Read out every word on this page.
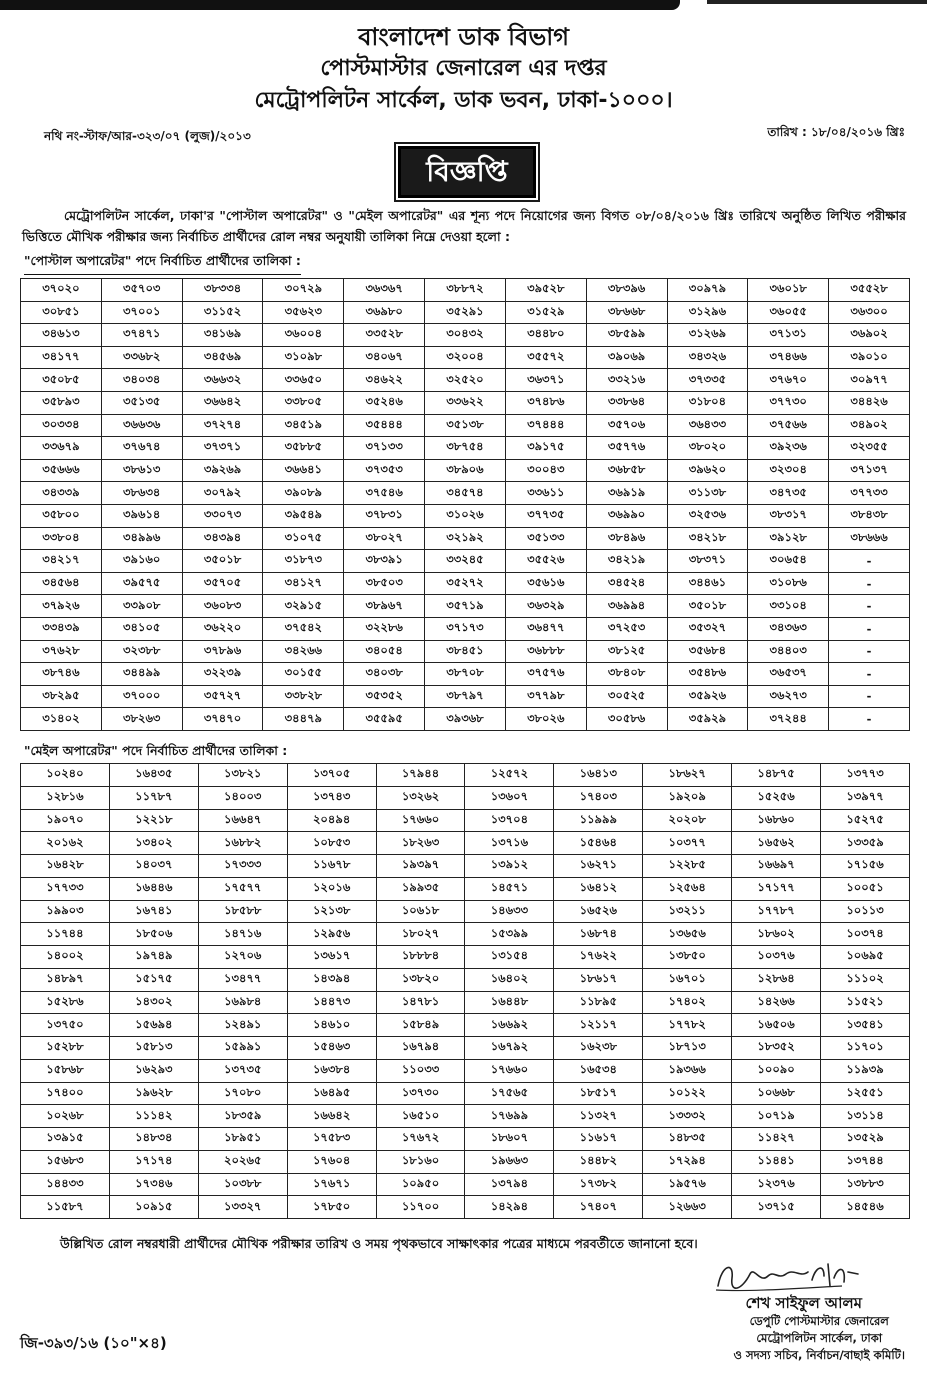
বাংলাদেশ ডাক বিভাগ
পোস্টমাস্টার জেনারেল এর দপ্তর
মেট্রোপলিটন সার্কেল, ডাক ভবন, ঢাকা-১০০০।
নথি নং-স্টাফ/আর-৩২৩/০৭ (লুজ)/২০১৩	তারিখ : ১৮/০৪/২০১৬ খ্রিঃ
বিজ্ঞপ্তি
মেট্রোপলিটন সার্কেল, ঢাকা'র "পোস্টাল অপারেটর" ও "মেইল অপারেটর" এর শূন্য পদে নিয়োগের জন্য বিগত ০৮/০৪/২০১৬ খ্রিঃ তারিখে অনুষ্ঠিত লিখিত পরীক্ষার ভিত্তিতে মৌখিক পরীক্ষার জন্য নির্বাচিত প্রার্থীদের রোল নম্বর অনুযায়ী তালিকা নিম্নে দেওয়া হলো :
"পোস্টাল অপারেটর" পদে নির্বাচিত প্রার্থীদের তালিকা :
৩৭০২০	৩৫৭০৩	৩৮৩৩৪	৩০৭২৯	৩৬৩৬৭	৩৮৮৭২	৩৯৫২৮	৩৮৩৯৬	৩০৯৭৯	৩৬০১৮	৩৫৫২৮
৩০৮৫১	৩৭০০১	৩১১৫২	৩৫৬২৩	৩৬৯৮০	৩৫২৯১	৩১৫২৯	৩৮৬৬৮	৩১২৯৬	৩৬০৫৫	৩৬৩০০
৩৪৬১৩	৩৭৪৭১	৩৪১৬৯	৩৬০০৪	৩৩৫২৮	৩০৪৩২	৩৪৪৮০	৩৮৫৯৯	৩১২৬৯	৩৭১৩১	৩৬৯০২
৩৪১৭৭	৩৩৬৮২	৩৪৫৬৯	৩১০৯৮	৩৪০৬৭	৩২০০৪	৩৫৫৭২	৩৯০৬৯	৩৪৩২৬	৩৭৪৬৬	৩৯০১০
৩৫০৮৫	৩৪০৩৪	৩৬৬৩২	৩৩৬৫০	৩৪৬২২	৩২৫২০	৩৬৩৭১	৩৩২১৬	৩৭৩৩৫	৩৭৬৭০	৩০৯৭৭
৩৫৮৯৩	৩৫১৩৫	৩৬৬৪২	৩৩৮০৫	৩৫২৪৬	৩৩৬২২	৩৭৪৮৬	৩৩৮৬৪	৩১৮০৪	৩৭৭৩০	৩৪৪২৬
৩০৩৩৪	৩৬৬৩৬	৩৭২৭৪	৩৪৫১৯	৩৫৪৪৪	৩৫১৩৮	৩৭৪৪৪	৩৫৭০৬	৩৬৪৩৩	৩৭৫৬৬	৩৪৯০২
৩৩৬৭৯	৩৭৬৭৪	৩৭৩৭১	৩৫৮৮৫	৩৭১৩৩	৩৮৭৫৪	৩৯১৭৫	৩৫৭৭৬	৩৮০২০	৩৯২৩৬	৩২৩৫৫
৩৫৬৬৬	৩৮৬১৩	৩৯২৬৯	৩৬৬৪১	৩৭৩৫৩	৩৮৯০৬	৩০০৪৩	৩৬৮৫৮	৩৯৬২০	৩২৩০৪	৩৭১৩৭
৩৪৩৩৯	৩৮৬৩৪	৩০৭৯২	৩৯০৮৯	৩৭৫৪৬	৩৪৫৭৪	৩৩৬১১	৩৬৯১৯	৩১১৩৮	৩৪৭৩৫	৩৭৭৩৩
৩৫৮০০	৩৯৬১৪	৩৩০৭৩	৩৯৫৪৯	৩৭৮৩১	৩১০২৬	৩৭৭৩৫	৩৬৯৯০	৩২৫৩৬	৩৮৩১৭	৩৮৪৩৮
৩৩৮০৪	৩৪৯৯৬	৩৪৩৯৪	৩১০৭৫	৩৮০২৭	৩২১৯২	৩৫১৩৩	৩৮৪৯৬	৩৪২১৮	৩৯১২৮	৩৮৬৬৬
৩৪২১৭	৩৯১৬০	৩৫০১৮	৩১৮৭৩	৩৮৩৯১	৩৩২৪৫	৩৫৫২৬	৩৪২১৯	৩৮৩৭১	৩০৬৫৪	-
৩৪৫৬৪	৩৯৫৭৫	৩৫৭০৫	৩৪১২৭	৩৮৫০৩	৩৫২৭২	৩৫৬১৬	৩৪৫২৪	৩৪৪৬১	৩১০৮৬	-
৩৭৯২৬	৩৩৯০৮	৩৬০৮৩	৩২৯১৫	৩৮৯৬৭	৩৫৭১৯	৩৬৩২৯	৩৬৯৯৪	৩৫০১৮	৩৩১০৪	-
৩৩৪৩৯	৩৪১০৫	৩৬২২০	৩৭৫৪২	৩২২৮৬	৩৭১৭৩	৩৬৪৭৭	৩৭২৫৩	৩৫৩২৭	৩৪৩৬৩	-
৩৭৬২৮	৩২৩৮৮	৩৭৮৯৬	৩৪২৬৬	৩৪০৫৪	৩৮৪৫১	৩৬৮৮৮	৩৮১২৫	৩৫৬৮৪	৩৪৪০৩	-
৩৮৭৪৬	৩৪৪৯৯	৩২২৩৯	৩০১৫৫	৩৪০৩৮	৩৮৭০৮	৩৭৫৭৬	৩৮৪০৮	৩৫৪৮৬	৩৬৫৩৭	-
৩৮২৯৫	৩৭০০০	৩৫৭২৭	৩৩৮২৮	৩৫৩৫২	৩৮৭৯৭	৩৭৭৯৮	৩০৫২৫	৩৫৯২৬	৩৬২৭৩	-
৩১৪০২	৩৮২৬৩	৩৭৪৭০	৩৪৪৭৯	৩৫৫৯৫	৩৯৩৬৮	৩৮০২৬	৩০৫৮৬	৩৫৯২৯	৩৭২৪৪	-
"মেইল অপারেটর" পদে নির্বাচিত প্রার্থীদের তালিকা :
১০২৪০	১৬৪৩৫	১৩৮২১	১৩৭০৫	১৭৯৪৪	১২৫৭২	১৬৪১৩	১৮৬২৭	১৪৮৭৫	১৩৭৭৩
১২৮১৬	১১৭৮৭	১৪০০৩	১৩৭৪৩	১৩২৬২	১৩৬০৭	১৭৪০৩	১৯২০৯	১৫২৫৬	১৩৯৭৭
১৯০৭০	১২২১৮	১৬৬৪৭	২০৪৯৪	১৭৬৬০	১৩৭০৪	১১৯৯৯	২০২০৮	১৬৮৬০	১৫২৭৫
২০১৬২	১৩৪০২	১৬৮৮২	১০৮৫৩	১৮২৬৩	১৩৭১৬	১৫৪৬৪	১০৩৭৭	১৬৫৬২	১৩৩৫৯
১৬৪২৮	১৪০৩৭	১৭৩৩৩	১১৬৭৮	১৯৩৯৭	১৩৯১২	১৬২৭১	১২২৮৫	১৬৬৯৭	১৭১৫৬
১৭৭৩৩	১৬৪৪৬	১৭৫৭৭	১২০১৬	১৯৯৩৫	১৪৫৭১	১৬৪১২	১২৫৬৪	১৭১৭৭	১০০৫১
১৯৯০৩	১৬৭৪১	১৮৫৮৮	১২১৩৮	১০৬১৮	১৪৬৩৩	১৬৫২৬	১৩২১১	১৭৭৮৭	১০১১৩
১১৭৪৪	১৮৫০৬	১৪৭১৬	১২৯৫৬	১৮০২৭	১৫৩৯৯	১৬৮৭৪	১৩৬৫৬	১৮৬০২	১০৩৭৪
১৪০০২	১৯৭৪৯	১২৭০৬	১৩৬১৭	১৮৮৮৪	১৩১৫৪	১৭৬২২	১৩৮৫০	১০৩৭৬	১০৬৯৫
১৪৮৯৭	১৫১৭৫	১৩৪৭৭	১৪৩৯৪	১৩৮২০	১৬৪০২	১৮৬১৭	১৬৭০১	১২৮৬৪	১১১০২
১৫২৮৬	১৪৩০২	১৬৯৮৪	১৪৪৭৩	১৪৭৮১	১৬৪৪৮	১১৮৯৫	১৭৪০২	১৪২৬৬	১১৫২১
১৩৭৫০	১৫৬৯৪	১২৪৯১	১৪৬১০	১৫৮৪৯	১৬৬৯২	১২১১৭	১৭৭৮২	১৬৫০৬	১৩৫৪১
১৫২৮৮	১৫৮১৩	১৫৯৯১	১৫৪৬৩	১৬৭৯৪	১৬৭৯২	১৬২৩৮	১৮৭১৩	১৮৩৫২	১১৭০১
১৫৮৬৮	১৬২৯৩	১৩৭৩৫	১৬৩৮৪	১১০৩৩	১৭৬৬০	১৬৫৩৪	১৯৩৬৬	১০০৯০	১১৯৩৯
১৭৪০০	১৯৬২৮	১৭০৮০	১৬৪৯৫	১৩৭৩০	১৭৫৬৫	১৮৫১৭	১০১২২	১০৬৬৮	১২৫৫১
১০২৬৮	১১১৪২	১৮৩৫৯	১৬৬৪২	১৬৫১০	১৭৬৯৯	১১৩২৭	১৩৩৩২	১০৭১৯	১৩১১৪
১৩৯১৫	১৪৮৩৪	১৮৯৫১	১৭৫৮৩	১৭৬৭২	১৮৬০৭	১১৬১৭	১৪৮৩৫	১১৪২৭	১৩৫২৯
১৫৬৮৩	১৭১৭৪	২০২৬৫	১৭৬০৪	১৮১৬০	১৯৬৬৩	১৪৪৮২	১৭২৯৪	১১৪৪১	১৩৭৪৪
১৪৪৩৩	১৭৩৪৬	১০৩৮৮	১৭৬৭১	১০৯৫০	১৩৭৯৪	১৭৩৮২	১৯৫৭৬	১২৩৭৬	১৩৮৮৩
১১৫৮৭	১০৯১৫	১৩৩২৭	১৭৮৫০	১১৭০০	১৪২৯৪	১৭৪০৭	১২৬৬৩	১৩৭১৫	১৪৫৪৬
উল্লিখিত রোল নম্বরধারী প্রার্থীদের মৌখিক পরীক্ষার তারিখ ও সময় পৃথকভাবে সাক্ষাৎকার পত্রের মাধ্যমে পরবর্তীতে জানানো হবে।
শেখ সাইফুল আলম
ডেপুটি পোস্টমাস্টার জেনারেল
মেট্রোপলিটন সার্কেল, ঢাকা
ও সদস্য সচিব, নির্বাচন/বাছাই কমিটি।
জি-৩৯৩/১৬ (১০"×৪)
